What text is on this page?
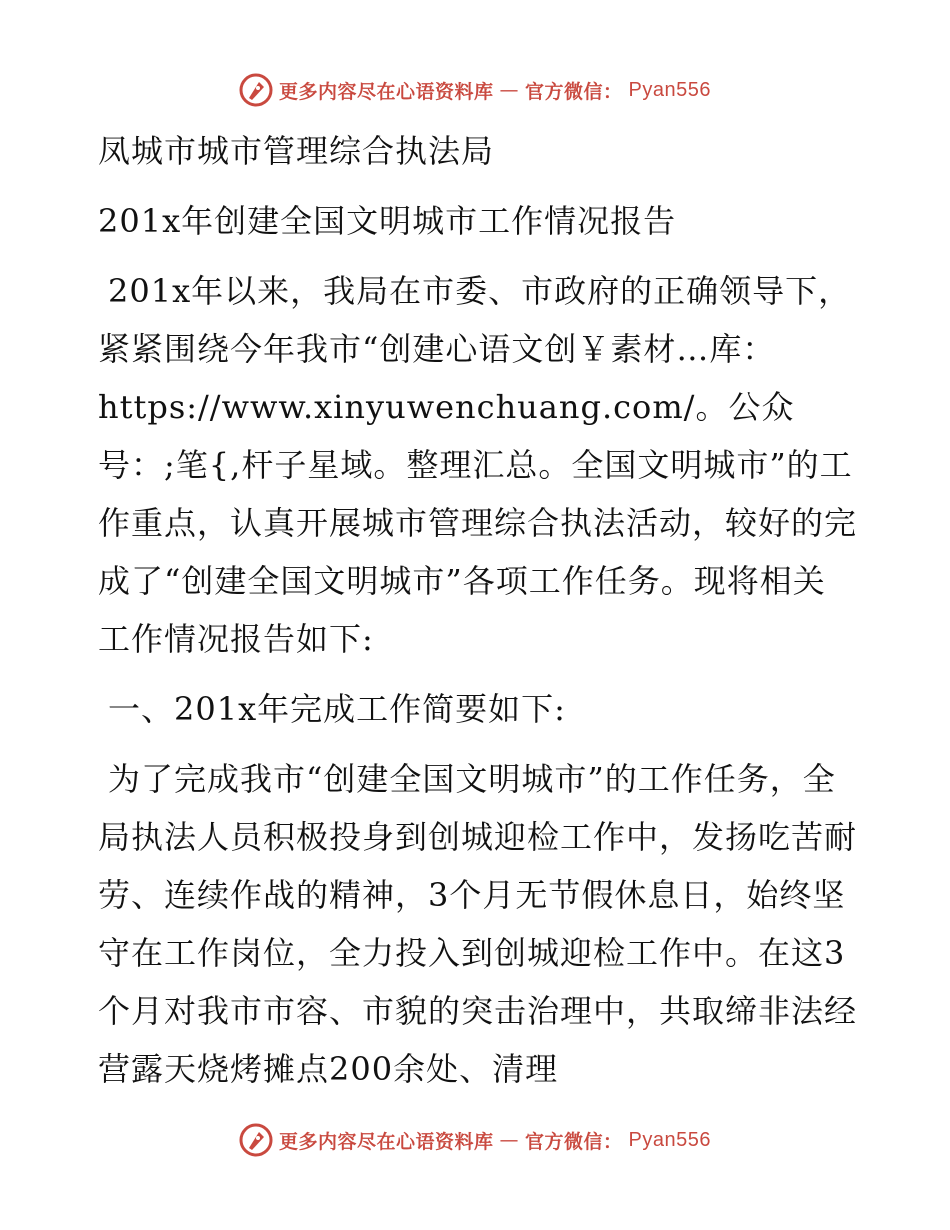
更多内容尽在心语资料库 — 官方微信： Pyan556

凤城市城市管理综合执法局

201x年创建全国文明城市工作情况报告

201x年以来，我局在市委、市政府的正确领导下，紧紧围绕今年我市“创建心语文创￥素材…库：https://www.xinyuwenchuang.com/。公众号：;笔{,杆子星域。整理汇总。全国文明城市”的工作重点，认真开展城市管理综合执法活动，较好的完成了“创建全国文明城市”各项工作任务。现将相关工作情况报告如下:

一、201x年完成工作简要如下:

为了完成我市“创建全国文明城市”的工作任务，全局执法人员积极投身到创城迎检工作中，发扬吃苦耐劳、连续作战的精神，3个月无节假休息日，始终坚守在工作岗位，全力投入到创城迎检工作中。在这3个月对我市市容、市貌的突击治理中，共取缔非法经营露天烧烤摊点200余处、清理

更多内容尽在心语资料库 — 官方微信： Pyan556
